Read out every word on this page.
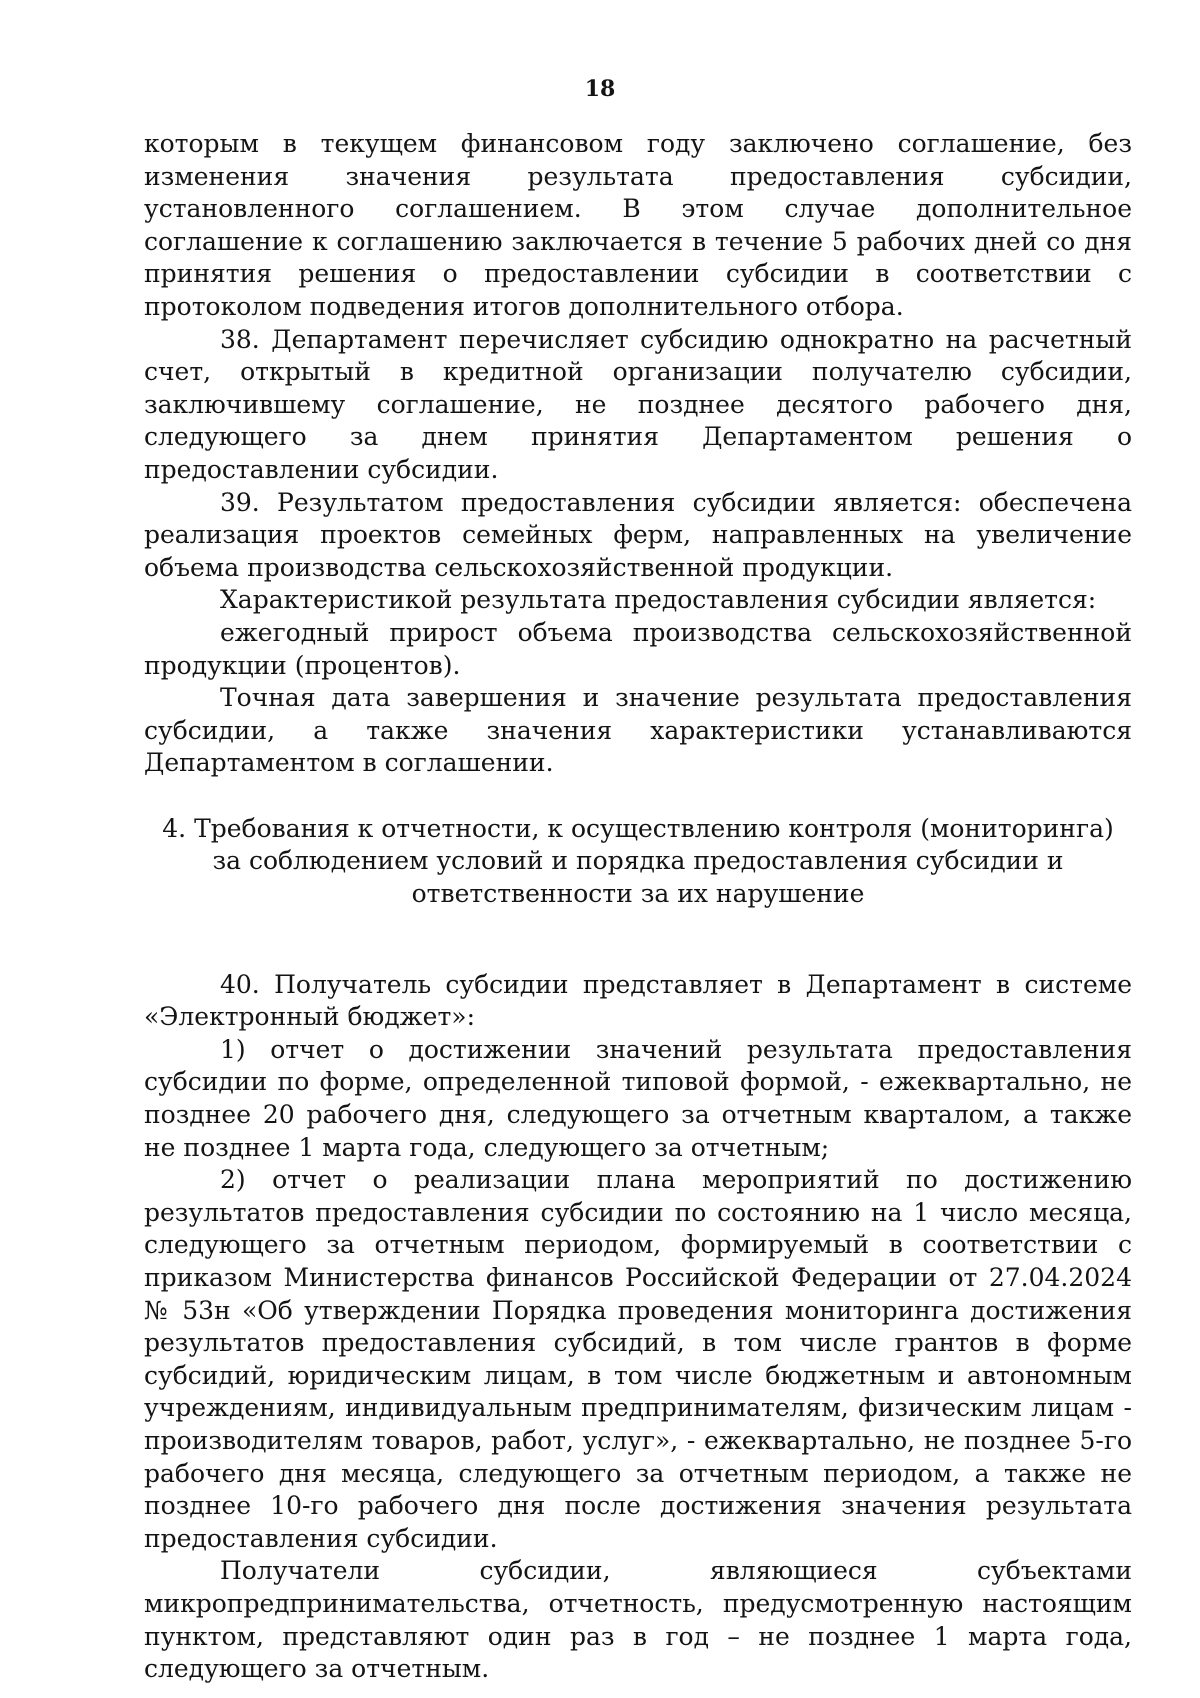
18

которым в текущем финансовом году заключено соглашение, без изменения значения результата предоставления субсидии, установленного соглашением. В этом случае дополнительное соглашение к соглашению заключается в течение 5 рабочих дней со дня принятия решения о предоставлении субсидии в соответствии с протоколом подведения итогов дополнительного отбора.

38. Департамент перечисляет субсидию однократно на расчетный счет, открытый в кредитной организации получателю субсидии, заключившему соглашение, не позднее десятого рабочего дня, следующего за днем принятия Департаментом решения о предоставлении субсидии.

39. Результатом предоставления субсидии является: обеспечена реализация проектов семейных ферм, направленных на увеличение объема производства сельскохозяйственной продукции.

Характеристикой результата предоставления субсидии является:

ежегодный прирост объема производства сельскохозяйственной продукции (процентов).

Точная дата завершения и значение результата предоставления субсидии, а также значения характеристики устанавливаются Департаментом в соглашении.

4. Требования к отчетности, к осуществлению контроля (мониторинга) за соблюдением условий и порядка предоставления субсидии и ответственности за их нарушение

40. Получатель субсидии представляет в Департамент в системе «Электронный бюджет»:

1) отчет о достижении значений результата предоставления субсидии по форме, определенной типовой формой, - ежеквартально, не позднее 20 рабочего дня, следующего за отчетным кварталом, а также не позднее 1 марта года, следующего за отчетным;

2) отчет о реализации плана мероприятий по достижению результатов предоставления субсидии по состоянию на 1 число месяца, следующего за отчетным периодом, формируемый в соответствии с приказом Министерства финансов Российской Федерации от 27.04.2024 № 53н «Об утверждении Порядка проведения мониторинга достижения результатов предоставления субсидий, в том числе грантов в форме субсидий, юридическим лицам, в том числе бюджетным и автономным учреждениям, индивидуальным предпринимателям, физическим лицам - производителям товаров, работ, услуг», - ежеквартально, не позднее 5-го рабочего дня месяца, следующего за отчетным периодом, а также не позднее 10-го рабочего дня после достижения значения результата предоставления субсидии.

Получатели субсидии, являющиеся субъектами микропредпринимательства, отчетность, предусмотренную настоящим пунктом, представляют один раз в год – не позднее 1 марта года, следующего за отчетным.
